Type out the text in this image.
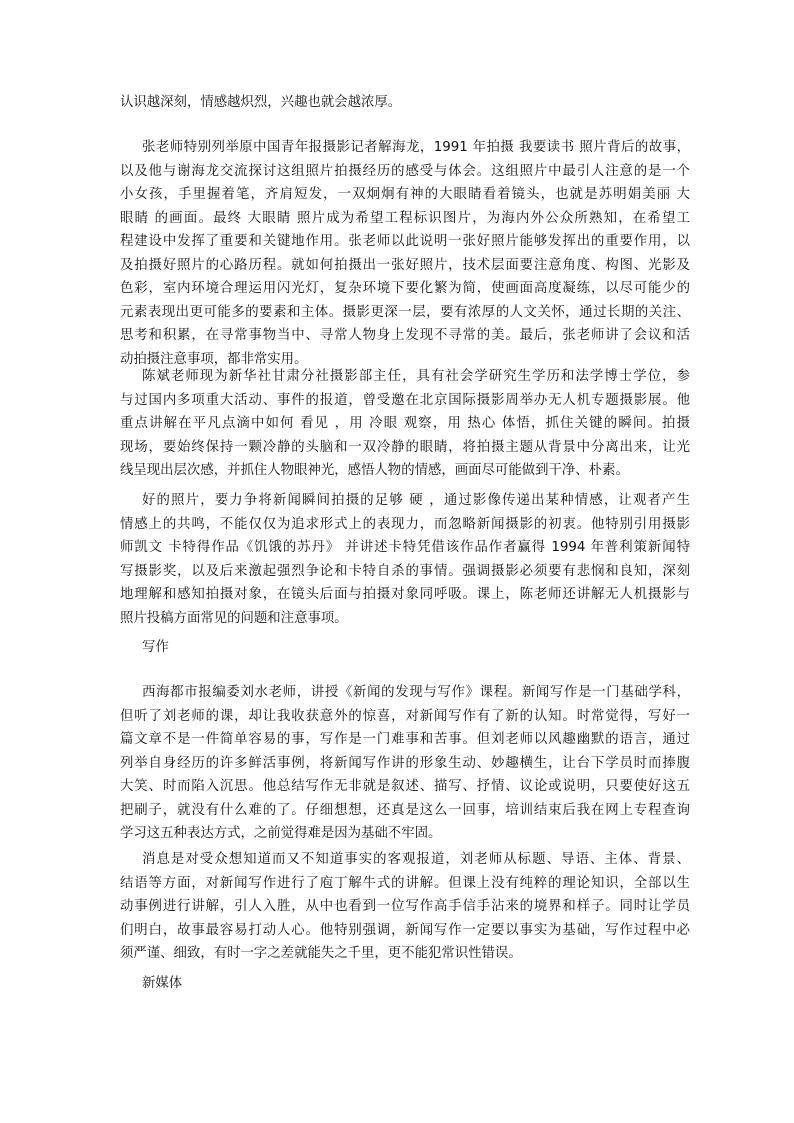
认识越深刻，情感越炽烈，兴趣也就会越浓厚。
张老师特别列举原中国青年报摄影记者解海龙，1991 年拍摄 我要读书 照片背后的故事，
以及他与谢海龙交流探讨这组照片拍摄经历的感受与体会。这组照片中最引人注意的是一个
小女孩，手里握着笔，齐肩短发，一双炯炯有神的大眼睛看着镜头，也就是苏明娟美丽 大
眼睛 的画面。最终 大眼睛 照片成为希望工程标识图片，为海内外公众所熟知，在希望工
程建设中发挥了重要和关键地作用。张老师以此说明一张好照片能够发挥出的重要作用，以
及拍摄好照片的心路历程。就如何拍摄出一张好照片，技术层面要注意角度、构图、光影及
色彩，室内环境合理运用闪光灯，复杂环境下要化繁为简，使画面高度凝练，以尽可能少的
元素表现出更可能多的要素和主体。摄影更深一层，要有浓厚的人文关怀，通过长期的关注、
思考和积累，在寻常事物当中、寻常人物身上发现不寻常的美。最后，张老师讲了会议和活
动拍摄注意事项，都非常实用。
陈斌老师现为新华社甘肃分社摄影部主任，具有社会学研究生学历和法学博士学位，参
与过国内多项重大活动、事件的报道，曾受邀在北京国际摄影周举办无人机专题摄影展。他
重点讲解在平凡点滴中如何 看见 ，用 冷眼 观察，用 热心 体悟，抓住关键的瞬间。拍摄
现场，要始终保持一颗冷静的头脑和一双冷静的眼睛，将拍摄主题从背景中分离出来，让光
线呈现出层次感，并抓住人物眼神光，感悟人物的情感，画面尽可能做到干净、朴素。
好的照片，要力争将新闻瞬间拍摄的足够 硬 ，通过影像传递出某种情感，让观者产生
情感上的共鸣，不能仅仅为追求形式上的表现力，而忽略新闻摄影的初衷。他特别引用摄影
师凯文 卡特得作品《饥饿的苏丹》 并讲述卡特凭借该作品作者赢得 1994 年普利策新闻特
写摄影奖，以及后来激起强烈争论和卡特自杀的事情。强调摄影必须要有悲悯和良知，深刻
地理解和感知拍摄对象，在镜头后面与拍摄对象同呼吸。课上，陈老师还讲解无人机摄影与
照片投稿方面常见的问题和注意事项。
写作
西海都市报编委刘水老师，讲授《新闻的发现与写作》课程。新闻写作是一门基础学科，
但听了刘老师的课，却让我收获意外的惊喜，对新闻写作有了新的认知。时常觉得，写好一
篇文章不是一件简单容易的事，写作是一门难事和苦事。但刘老师以风趣幽默的语言，通过
列举自身经历的许多鲜活事例，将新闻写作讲的形象生动、妙趣横生，让台下学员时而捧腹
大笑、时而陷入沉思。他总结写作无非就是叙述、描写、抒情、议论或说明，只要使好这五
把刷子，就没有什么难的了。仔细想想，还真是这么一回事，培训结束后我在网上专程查询
学习这五种表达方式，之前觉得难是因为基础不牢固。
消息是对受众想知道而又不知道事实的客观报道，刘老师从标题、导语、主体、背景、
结语等方面，对新闻写作进行了庖丁解牛式的讲解。但课上没有纯粹的理论知识，全部以生
动事例进行讲解，引人入胜，从中也看到一位写作高手信手沾来的境界和样子。同时让学员
们明白，故事最容易打动人心。他特别强调，新闻写作一定要以事实为基础，写作过程中必
须严谨、细致，有时一字之差就能失之千里，更不能犯常识性错误。
新媒体
